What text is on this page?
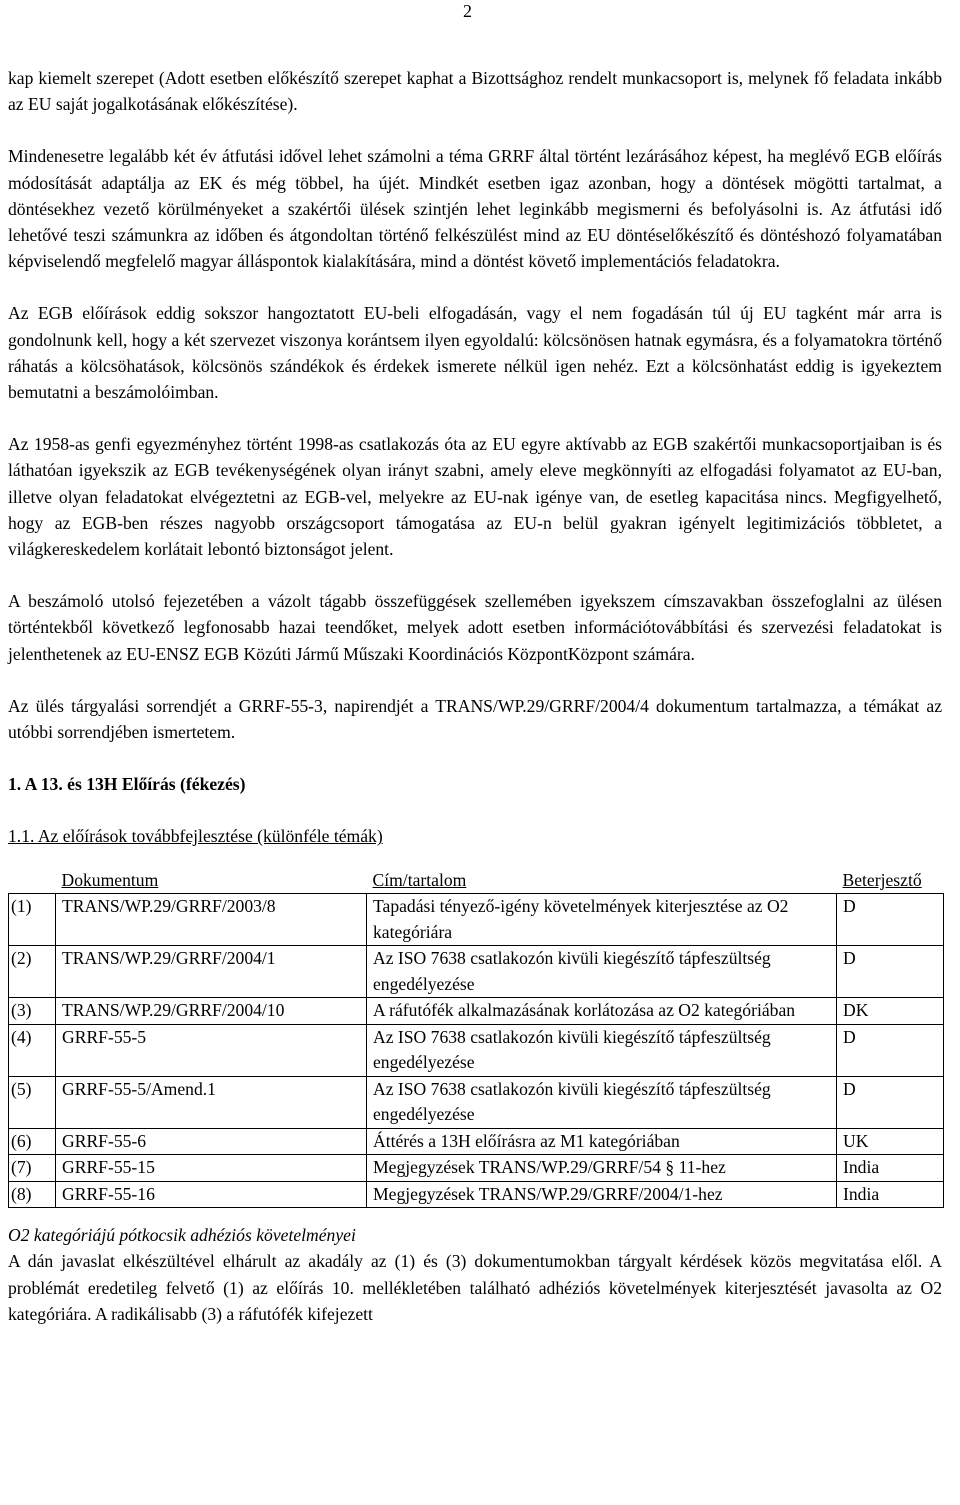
2

kap kiemelt szerepet (Adott esetben előkészítő szerepet kaphat a Bizottsághoz rendelt munkacsoport is, melynek fő feladata inkább az EU saját jogalkotásának előkészítése).

Mindenesetre legalább két év átfutási idővel lehet számolni a téma GRRF által történt lezárásához képest, ha meglévő EGB előírás módosítását adaptálja az EK és még többel, ha újét. Mindkét esetben igaz azonban, hogy a döntések mögötti tartalmat, a döntésekhez vezető körülményeket a szakértői ülések szintjén lehet leginkább megismerni és befolyásolni is. Az átfutási idő lehetővé teszi számunkra az időben és átgondoltan történő felkészülést mind az EU döntéselőkészítő és döntéshozó folyamatában képviselendő megfelelő magyar álláspontok kialakítására, mind a döntést követő implementációs feladatokra.

Az EGB előírások eddig sokszor hangoztatott EU-beli elfogadásán, vagy el nem fogadásán túl új EU tagként már arra is gondolnunk kell, hogy a két szervezet viszonya korántsem ilyen egyoldalú: kölcsönösen hatnak egymásra, és a folyamatokra történő ráhatás a kölcsöhatások, kölcsönös szándékok és érdekek ismerete nélkül igen nehéz. Ezt a kölcsönhatást eddig is igyekeztem bemutatni a beszámolóimban.

Az 1958-as genfi egyezményhez történt 1998-as csatlakozás óta az EU egyre aktívabb az EGB szakértői munkacsoportjaiban is és láthatóan igyekszik az EGB tevékenységének olyan irányt szabni, amely eleve megkönnyíti az elfogadási folyamatot az EU-ban, illetve olyan feladatokat elvégeztetni az EGB-vel, melyekre az EU-nak igénye van, de esetleg kapacitása nincs. Megfigyelhető, hogy az EGB-ben részes nagyobb országcsoport támogatása az EU-n belül gyakran igényelt legitimizációs többletet, a világkereskedelem korlátait lebontó biztonságot jelent.

A beszámoló utolsó fejezetében a vázolt tágabb összefüggések szellemében igyekszem címszavakban összefoglalni az ülésen történtekből következő legfonosabb hazai teendőket, melyek adott esetben információtovábbítási és szervezési feladatokat is jelenthetenek az EU-ENSZ EGB Közúti Jármű Műszaki Koordinációs KözpontKözpont számára.

Az ülés tárgyalási sorrendjét a GRRF-55-3, napirendjét a TRANS/WP.29/GRRF/2004/4 dokumentum tartalmazza, a témákat az utóbbi sorrendjében ismertetem.

1. A 13. és 13H Előírás (fékezés)
1.1. Az előírások továbbfejlesztése (különféle témák)
	Dokumentum	Cím/tartalom	Beterjesztő
(1)	TRANS/WP.29/GRRF/2003/8	Tapadási tényező-igény követelmények kiterjesztése az O2 kategóriára	D
(2)	TRANS/WP.29/GRRF/2004/1	Az ISO 7638 csatlakozón kivüli kiegészítő tápfeszültség engedélyezése	D
(3)	TRANS/WP.29/GRRF/2004/10	A ráfutófék alkalmazásának korlátozása az O2 kategóriában	DK
(4)	GRRF-55-5	Az ISO 7638 csatlakozón kivüli kiegészítő tápfeszültség engedélyezése	D
(5)	GRRF-55-5/Amend.1	Az ISO 7638 csatlakozón kivüli kiegészítő tápfeszültség engedélyezése	D
(6)	GRRF-55-6	Áttérés a 13H előírásra az M1 kategóriában	UK
(7)	GRRF-55-15	Megjegyzések TRANS/WP.29/GRRF/54 § 11-hez	India
(8)	GRRF-55-16	Megjegyzések TRANS/WP.29/GRRF/2004/1-hez	India
O2 kategóriájú pótkocsik adhéziós követelményei

A dán javaslat elkészültével elhárult az akadály az (1) és (3) dokumentumokban tárgyalt kérdések közös megvitatása elől. A problémát eredetileg felvető (1) az előírás 10. mellékletében található adhéziós követelmények kiterjesztését javasolta az O2 kategóriára. A radikálisabb (3) a ráfutófék kifejezett
